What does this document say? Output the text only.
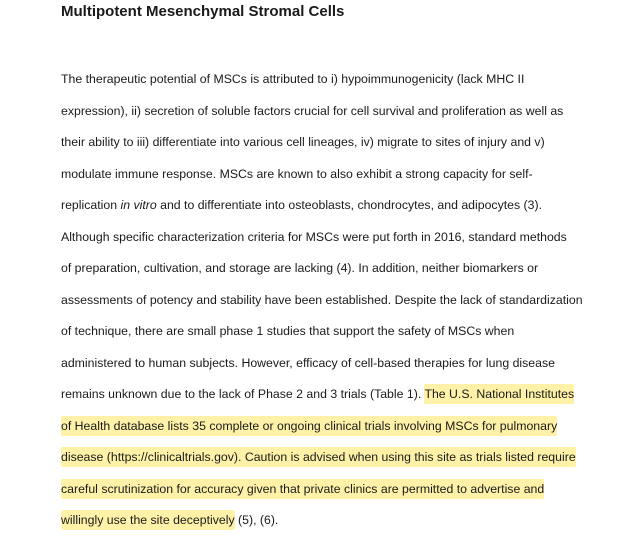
Multipotent Mesenchymal Stromal Cells
The therapeutic potential of MSCs is attributed to i) hypoimmunogenicity (lack MHC II
expression), ii) secretion of soluble factors crucial for cell survival and proliferation as well as
their ability to iii) differentiate into various cell lineages, iv) migrate to sites of injury and v)
modulate immune response. MSCs are known to also exhibit a strong capacity for self-
replication in vitro and to differentiate into osteoblasts, chondrocytes, and adipocytes (3).
Although specific characterization criteria for MSCs were put forth in 2016, standard methods
of preparation, cultivation, and storage are lacking (4). In addition, neither biomarkers or
assessments of potency and stability have been established. Despite the lack of standardization
of technique, there are small phase 1 studies that support the safety of MSCs when
administered to human subjects. However, efficacy of cell-based therapies for lung disease
remains unknown due to the lack of Phase 2 and 3 trials (Table 1). The U.S. National Institutes
of Health database lists 35 complete or ongoing clinical trials involving MSCs for pulmonary
disease (https://clinicaltrials.gov). Caution is advised when using this site as trials listed require
careful scrutinization for accuracy given that private clinics are permitted to advertise and
willingly use the site deceptively (5), (6).
